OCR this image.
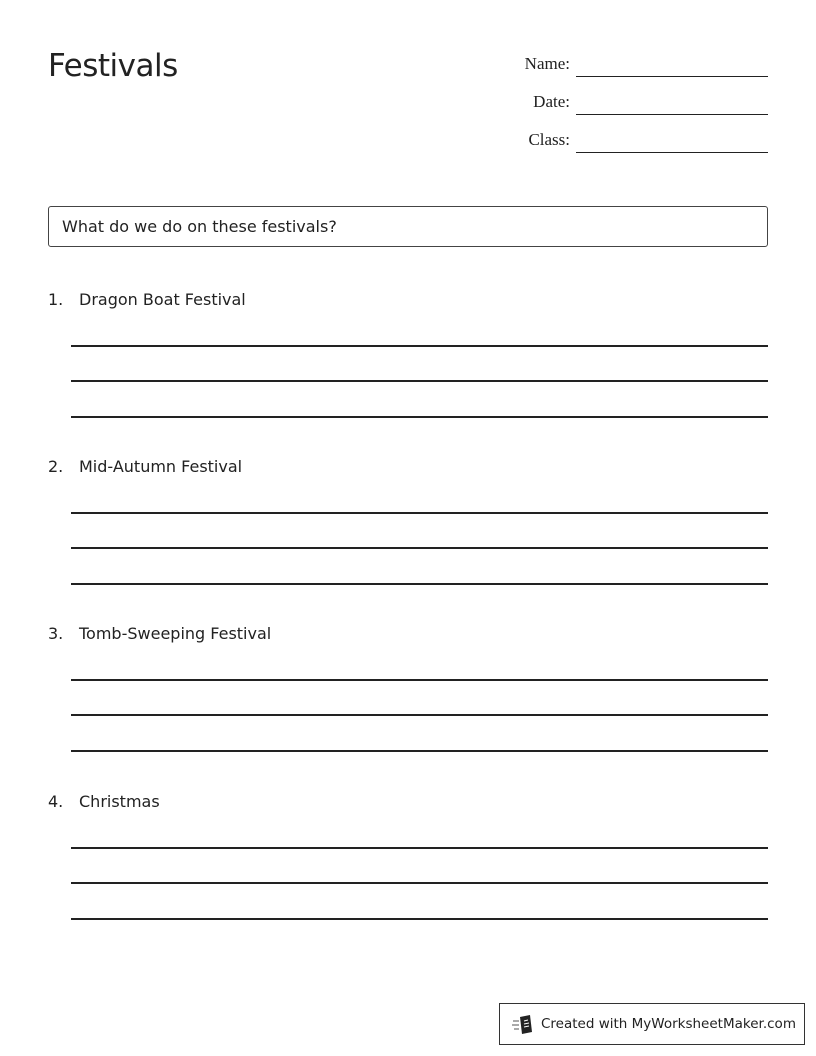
Festivals	Name:
Date:
Class:
What do we do on these festivals?
1. Dragon Boat Festival
2. Mid-Autumn Festival
3. Tomb-Sweeping Festival
4. Christmas
Created with MyWorksheetMaker.com
